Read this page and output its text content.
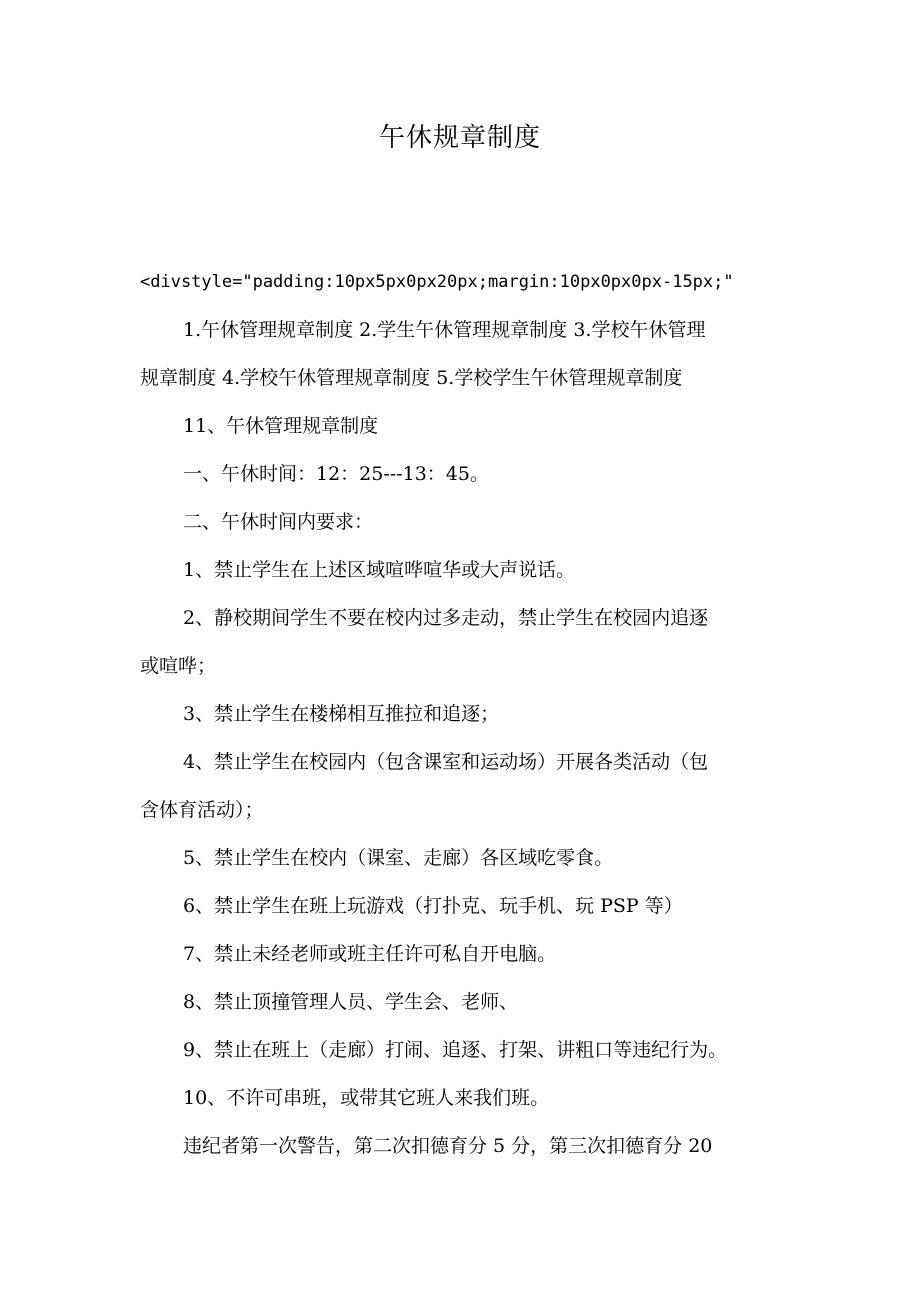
午休规章制度

<divstyle="padding:10px5px0px20px;margin:10px0px0px-15px;"

1.午休管理规章制度 2.学生午休管理规章制度 3.学校午休管理

规章制度 4.学校午休管理规章制度 5.学校学生午休管理规章制度

11、午休管理规章制度

一、午休时间：12：25---13：45。

二、午休时间内要求：

1、禁止学生在上述区域喧哗喧华或大声说话。

2、静校期间学生不要在校内过多走动，禁止学生在校园内追逐

或喧哗；

3、禁止学生在楼梯相互推拉和追逐；

4、禁止学生在校园内（包含课室和运动场）开展各类活动（包

含体育活动）；

5、禁止学生在校内（课室、走廊）各区域吃零食。

6、禁止学生在班上玩游戏（打扑克、玩手机、玩 PSP 等）

7、禁止未经老师或班主任许可私自开电脑。

8、禁止顶撞管理人员、学生会、老师、

9、禁止在班上（走廊）打闹、追逐、打架、讲粗口等违纪行为。

10、不许可串班，或带其它班人来我们班。

违纪者第一次警告，第二次扣德育分 5 分，第三次扣德育分 20
